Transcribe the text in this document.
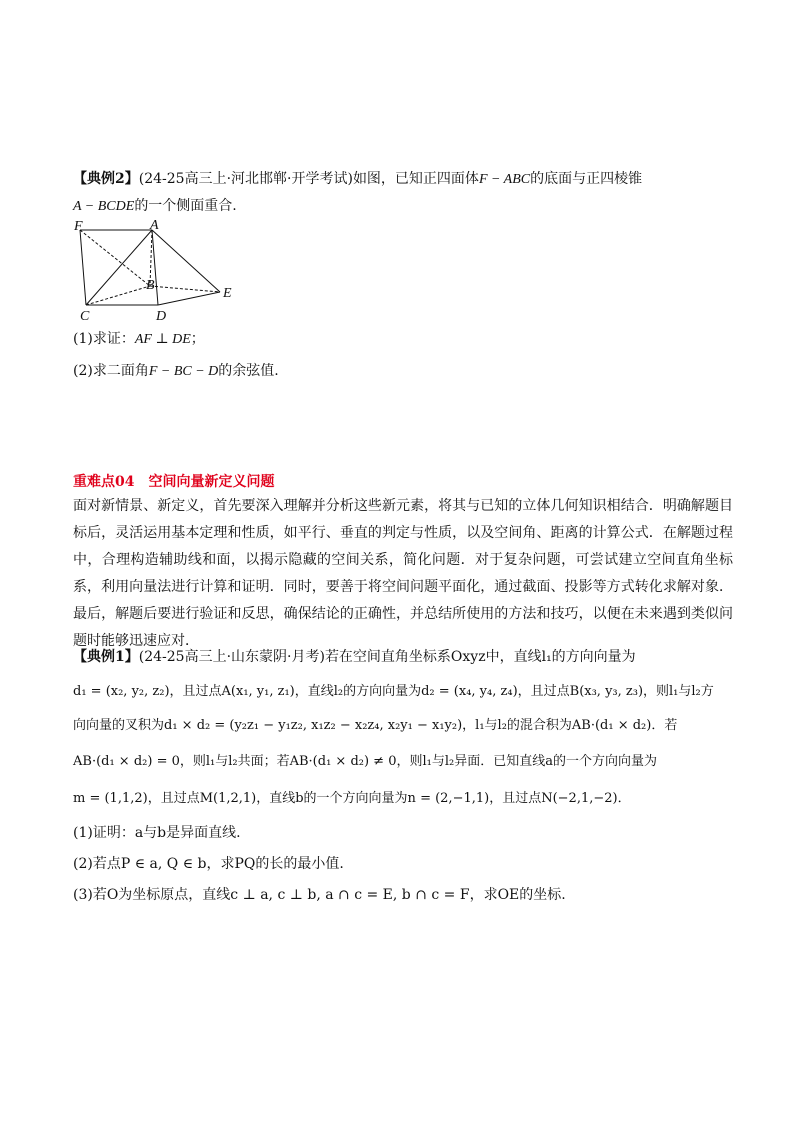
【典例2】(24-25高三上·河北邯郸·开学考试)如图，已知正四面体F − ABC的底面与正四棱锥
A − BCDE的一个侧面重合.
F	A
B
C	D
E
(1)求证：AF ⊥ DE；
(2)求二面角F − BC − D的余弦值.
重难点04　空间向量新定义问题
面对新情景、新定义，首先要深入理解并分析这些新元素，将其与已知的立体几何知识相结合．明确解题目标后，灵活运用基本定理和性质，如平行、垂直的判定与性质，以及空间角、距离的计算公式．在解题过程中，合理构造辅助线和面，以揭示隐藏的空间关系，简化问题．对于复杂问题，可尝试建立空间直角坐标系，利用向量法进行计算和证明．同时，要善于将空间问题平面化，通过截面、投影等方式转化求解对象．最后，解题后要进行验证和反思，确保结论的正确性，并总结所使用的方法和技巧，以便在未来遇到类似问题时能够迅速应对．
【典例1】(24-25高三上·山东蒙阴·月考)若在空间直角坐标系Oxyz中，直线l₁的方向向量为
d₁ = (x₂, y₂, z₂)，且过点A(x₁, y₁, z₁)，直线l₂的方向向量为d₂ = (x₄, y₄, z₄)，且过点B(x₃, y₃, z₃)，则l₁与l₂方
向向量的叉积为d₁ × d₂ = (y₂z₁ − y₁z₂, x₁z₂ − x₂z₄, x₂y₁ − x₁y₂)，l₁与l₂的混合积为AB·(d₁ × d₂)．若
AB·(d₁ × d₂) = 0，则l₁与l₂共面；若AB·(d₁ × d₂) ≠ 0，则l₁与l₂异面．已知直线a的一个方向向量为
m = (1,1,2)，且过点M(1,2,1)，直线b的一个方向向量为n = (2,−1,1)，且过点N(−2,1,−2)．
(1)证明：a与b是异面直线.
(2)若点P ∈ a, Q ∈ b，求PQ的长的最小值.
(3)若O为坐标原点，直线c ⊥ a, c ⊥ b, a ∩ c = E, b ∩ c = F，求OE的坐标.
